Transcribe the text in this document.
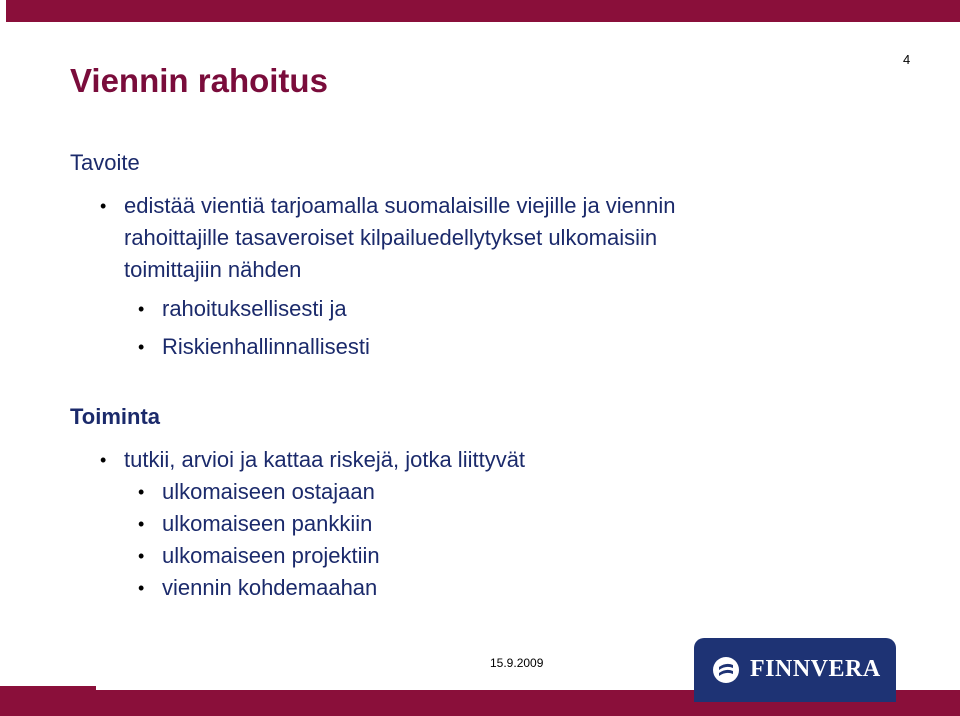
4
Viennin rahoitus
Tavoite
• edistää vientiä tarjoamalla suomalaisille viejille ja viennin
rahoittajille tasaveroiset kilpailuedellytykset ulkomaisiin
toimittajiin nähden
• rahoituksellisesti ja
• Riskienhallinnallisesti
Toiminta
• tutkii, arvioi ja kattaa riskejä, jotka liittyvät
• ulkomaiseen ostajaan
• ulkomaiseen pankkiin
• ulkomaiseen projektiin
• viennin kohdemaahan
15.9.2009	FINNVERA
